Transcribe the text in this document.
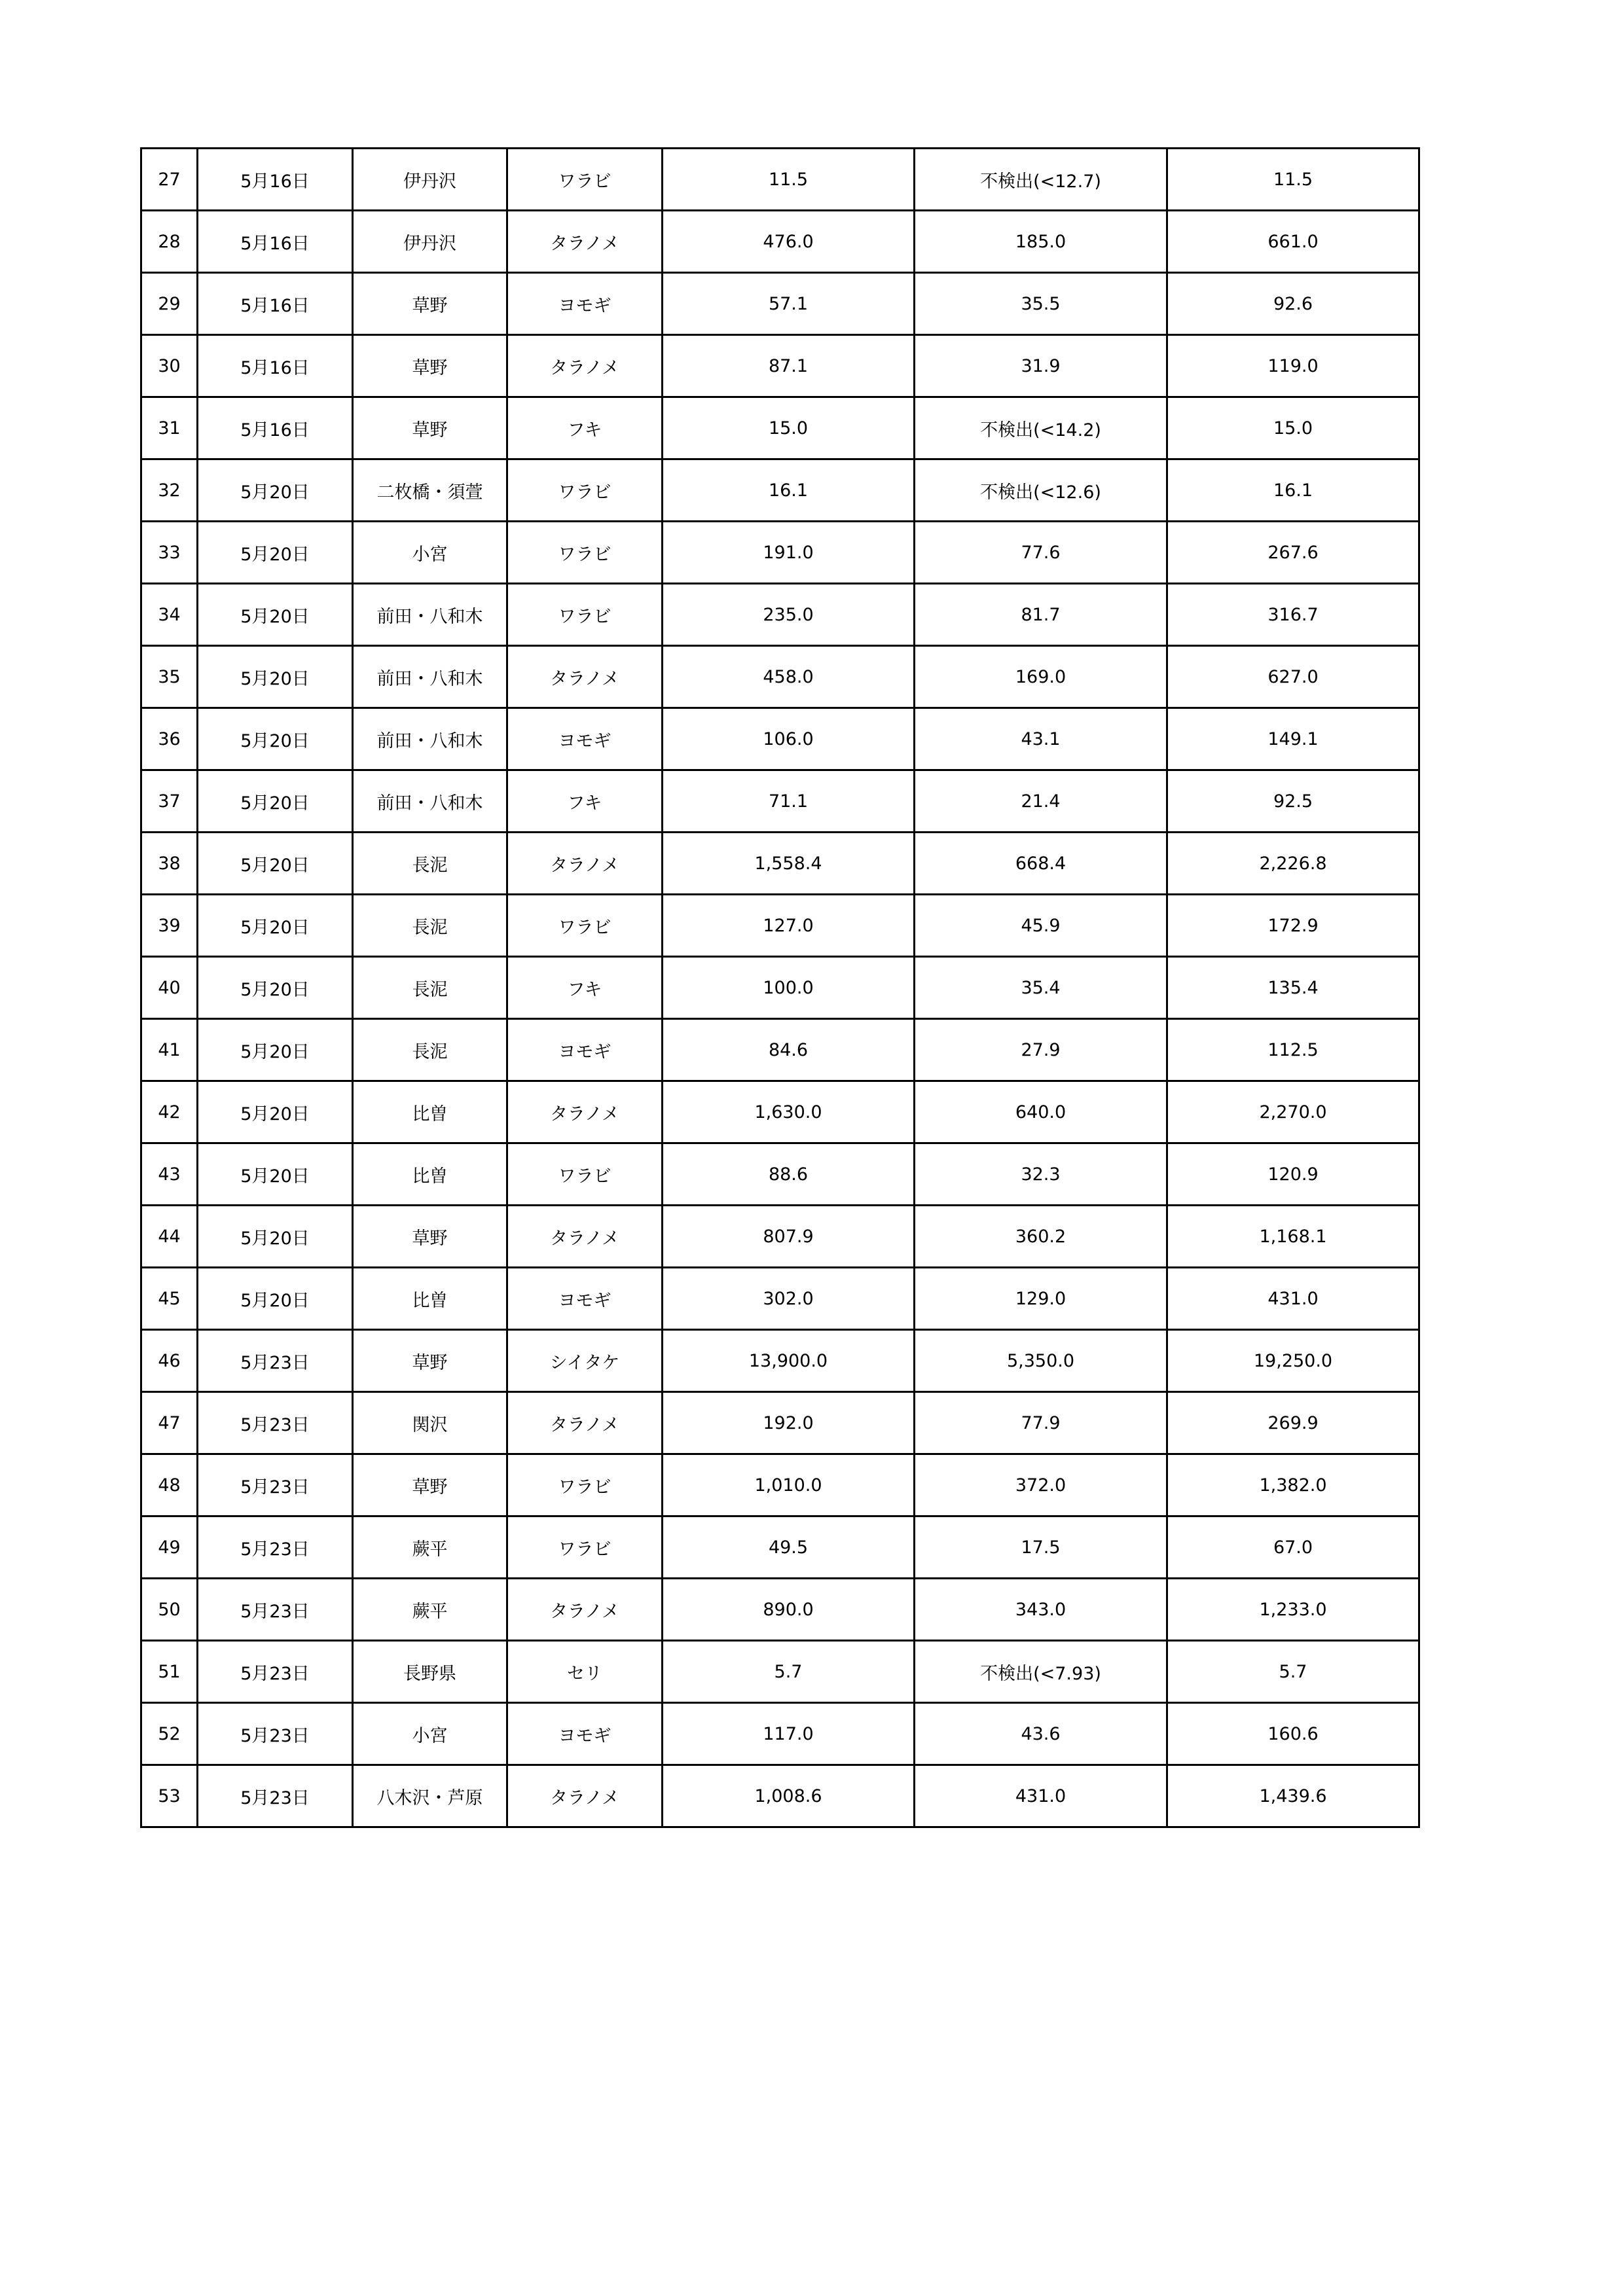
27	5月16日	伊丹沢	ワラビ	11.5	不検出(<12.7)	11.5
28	5月16日	伊丹沢	タラノメ	476.0	185.0	661.0
29	5月16日	草野	ヨモギ	57.1	35.5	92.6
30	5月16日	草野	タラノメ	87.1	31.9	119.0
31	5月16日	草野	フキ	15.0	不検出(<14.2)	15.0
32	5月20日	二枚橋・須萱	ワラビ	16.1	不検出(<12.6)	16.1
33	5月20日	小宮	ワラビ	191.0	77.6	267.6
34	5月20日	前田・八和木	ワラビ	235.0	81.7	316.7
35	5月20日	前田・八和木	タラノメ	458.0	169.0	627.0
36	5月20日	前田・八和木	ヨモギ	106.0	43.1	149.1
37	5月20日	前田・八和木	フキ	71.1	21.4	92.5
38	5月20日	長泥	タラノメ	1,558.4	668.4	2,226.8
39	5月20日	長泥	ワラビ	127.0	45.9	172.9
40	5月20日	長泥	フキ	100.0	35.4	135.4
41	5月20日	長泥	ヨモギ	84.6	27.9	112.5
42	5月20日	比曽	タラノメ	1,630.0	640.0	2,270.0
43	5月20日	比曽	ワラビ	88.6	32.3	120.9
44	5月20日	草野	タラノメ	807.9	360.2	1,168.1
45	5月20日	比曽	ヨモギ	302.0	129.0	431.0
46	5月23日	草野	シイタケ	13,900.0	5,350.0	19,250.0
47	5月23日	関沢	タラノメ	192.0	77.9	269.9
48	5月23日	草野	ワラビ	1,010.0	372.0	1,382.0
49	5月23日	蕨平	ワラビ	49.5	17.5	67.0
50	5月23日	蕨平	タラノメ	890.0	343.0	1,233.0
51	5月23日	長野県	セリ	5.7	不検出(<7.93)	5.7
52	5月23日	小宮	ヨモギ	117.0	43.6	160.6
53	5月23日	八木沢・芦原	タラノメ	1,008.6	431.0	1,439.6
